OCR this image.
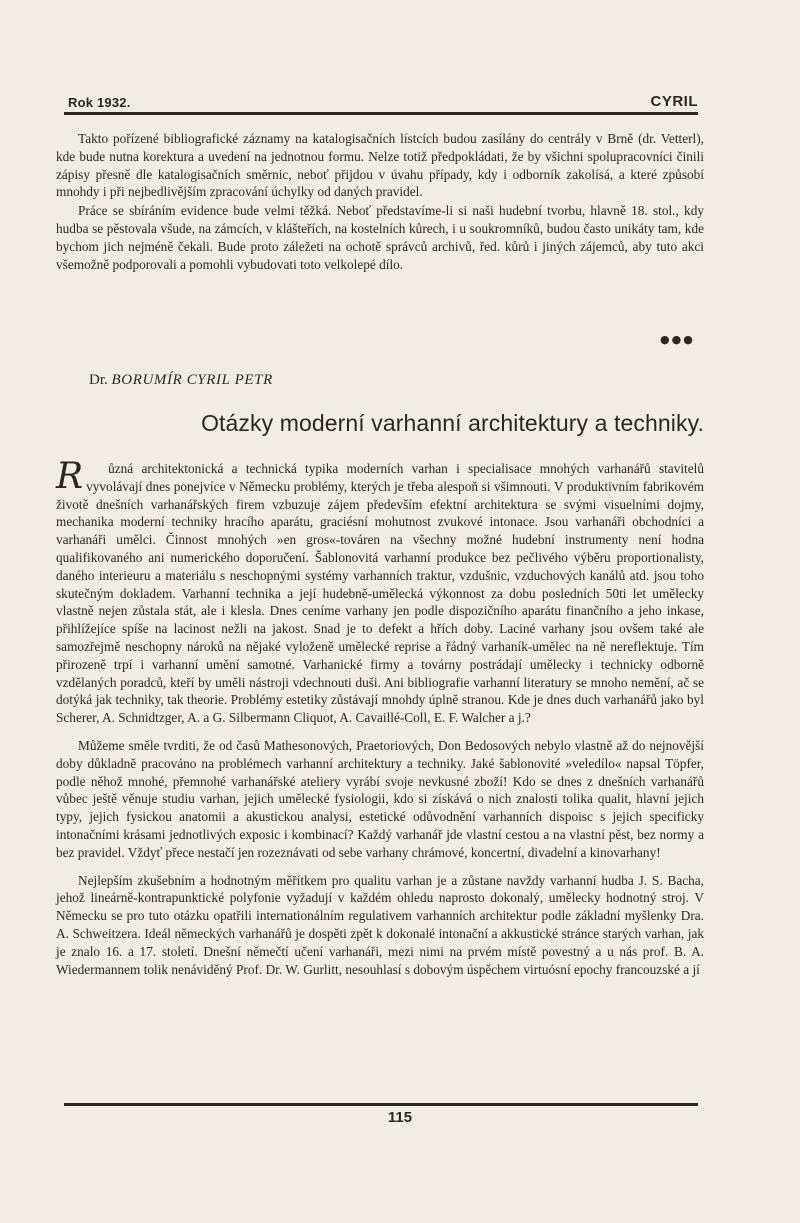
Rok 1932.	CYRIL

Takto pořízené bibliografické záznamy na katalogisačních lístcích budou zasílány do centrály v Brně (dr. Vetterl), kde bude nutna korektura a uvedení na jednotnou formu. Nelze totiž předpokládati, že by všichni spolupracovníci činili zápisy přesně dle katalogisačních směrnic, neboť přijdou v úvahu případy, kdy i odborník zakolísá, a které způsobí mnohdy i při nejbedlivějším zpracování úchylky od daných pravidel.

Práce se sbíráním evidence bude velmi těžká. Neboť představíme-li si naši hudební tvorbu, hlavně 18. stol., kdy hudba se pěstovala všude, na zámcích, v klášteřích, na kostelních kůrech, i u soukromníků, budou často unikáty tam, kde bychom jich nejméně čekali. Bude proto záležeti na ochotě správců archivů, řed. kůrů i jiných zájemců, aby tuto akci všemožně podporovali a pomohli vybudovati toto velkolepé dílo.

●●●
Dr. BORUMÍR CYRIL PETR
Otázky moderní varhanní architektury a techniky.

R ůzná architektonická a technická typika moderních varhan i specialisace mnohých varhanářů stavitelů vyvolávají dnes ponejvíce v Německu problémy, kterých je třeba alespoň si všimnouti. V produktivním fabrikovém životě dnešních varhanářských firem vzbuzuje zájem především efektní architektura se svými visuelními dojmy, mechanika moderní techniky hracího aparátu, graciésní mohutnost zvukové intonace. Jsou varhanáři obchodníci a varhanáři umělci. Činnost mnohých »en gros«-továren na všechny možné hudební instrumenty není hodna qualifikovaného ani numerického doporučení. Šablonovitá varhanní produkce bez pečlivého výběru proportionalisty, daného interieuru a materiálu s neschopnými systémy varhanních traktur, vzdušnic, vzduchových kanálů atd. jsou toho skutečným dokladem. Varhanní technika a její hudebně-umělecká výkonnost za dobu posledních 50ti let umělecky vlastně nejen zůstala stát, ale i klesla. Dnes ceníme varhany jen podle dispozičního aparátu finančního a jeho inkase, přihlížejíce spíše na lacinost nežli na jakost. Snad je to defekt a hřích doby. Laciné varhany jsou ovšem také ale samozřejmě neschopny nároků na nějaké vyloženě umělecké reprise a řádný varhaník-umělec na ně nereflektuje. Tím přirozeně trpí i varhanní umění samotné. Varhanické firmy a továrny postrádají umělecky i technicky odborně vzdělaných poradců, kteří by uměli nástroji vdechnouti duši. Ani bibliografie varhanní literatury se mnoho nemění, ač se dotýká jak techniky, tak theorie. Problémy estetiky zůstávají mnohdy úplně stranou. Kde je dnes duch varhanářů jako byl Scherer, A. Schnidtzger, A. a G. Silbermann Cliquot, A. Cavaillé-Coll, E. F. Walcher a j.?

Můžeme směle tvrditi, že od časů Mathesonových, Praetoriových, Don Bedosových nebylo vlastně až do nejnovější doby důkladně pracováno na problémech varhanní architektury a techniky. Jaké šablonovité »veledílo« napsal Töpfer, podle něhož mnohé, přemnohé varhanářské ateliery vyrábí svoje nevkusné zboží! Kdo se dnes z dnešních varhanářů vůbec ještě věnuje studiu varhan, jejich umělecké fysiologii, kdo si získává o nich znalosti tolika qualit, hlavní jejich typy, jejich fysickou anatomii a akustickou analysi, estetické odůvodnění varhanních dispoisc s jejich specificky intonačními krásami jednotlivých exposic i kombinací? Každý varhanář jde vlastní cestou a na vlastní pěst, bez normy a bez pravidel. Vždyť přece nestačí jen rozeznávati od sebe varhany chrámové, koncertní, divadelní a kinovarhany!

Nejlepším zkušebním a hodnotným měřítkem pro qualitu varhan je a zůstane navždy varhanní hudba J. S. Bacha, jehož lineárně-kontrapunktické polyfonie vyžadují v každém ohledu naprosto dokonalý, umělecky hodnotný stroj. V Německu se pro tuto otázku opatřili internationálním regulativem varhanních architektur podle základní myšlenky Dra. A. Schweitzera. Ideál německých varhanářů je dospěti zpět k dokonalé intonační a akkustické stránce starých varhan, jak je znalo 16. a 17. století. Dnešní němečtí učení varhanáři, mezi nimi na prvém místě povestný a u nás prof. B. A. Wiedermannem tolik nenáviděný Prof. Dr. W. Gurlitt, nesouhlasí s dobovým úspěchem virtuósní epochy francouzské a jí

115
